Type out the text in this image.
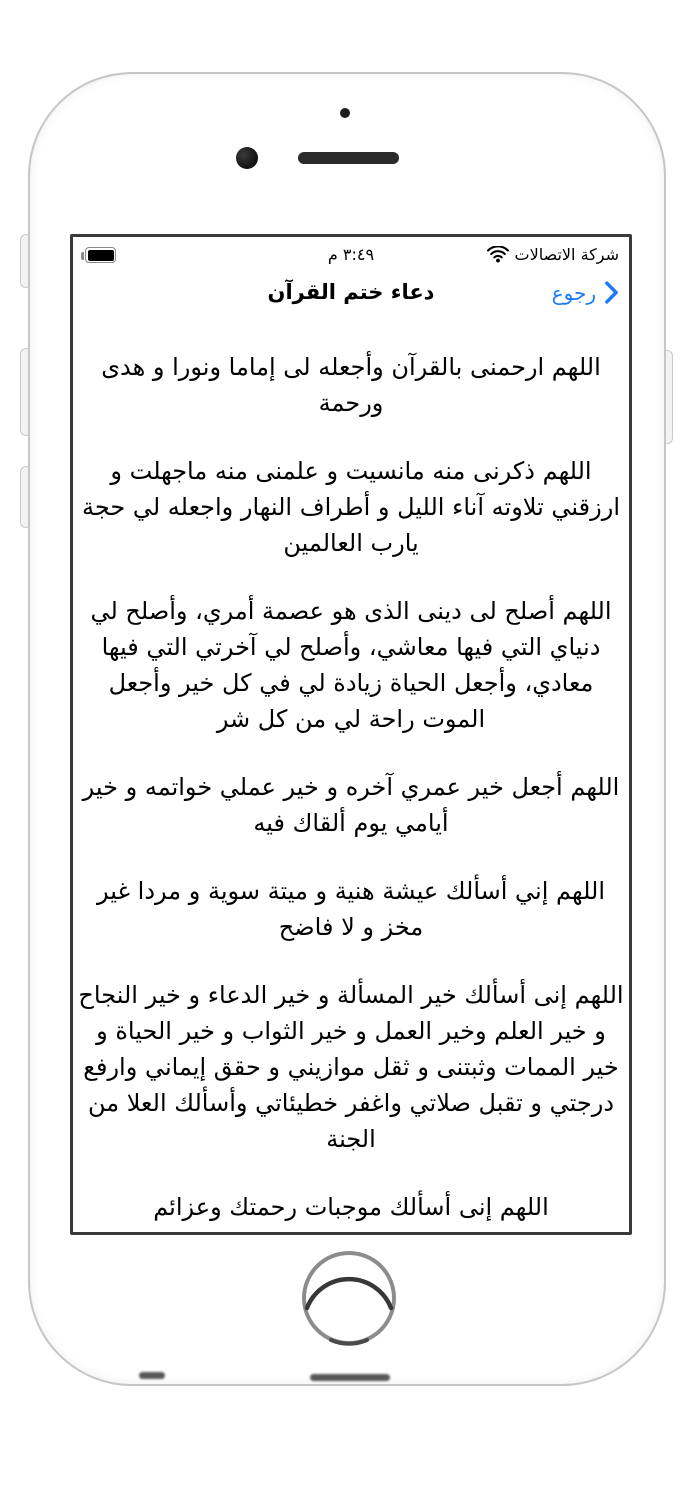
٣:٤٩ م	شركة الاتصالات
دعاء ختم القرآن	رجوع

اللهم ارحمنى بالقرآن وأجعله لى إماما ونورا و هدى ورحمة

اللهم ذكرنى منه مانسيت و علمنى منه ماجهلت و ارزقني تلاوته آناء الليل و أطراف النهار واجعله لي حجة يارب العالمين

اللهم أصلح لى دينى الذى هو عصمة أمري، وأصلح لي دنياي التي فيها معاشي، وأصلح لي آخرتي التي فيها معادي، وأجعل الحياة زيادة لي في كل خير وأجعل الموت راحة لي من كل شر

اللهم أجعل خير عمري آخره و خير عملي خواتمه و خير أيامي يوم ألقاك فيه

اللهم إني أسألك عيشة هنية و ميتة سوية و مردا غير مخز و لا فاضح

اللهم إنى أسألك خير المسألة و خير الدعاء و خير النجاح و خير العلم وخير العمل و خير الثواب و خير الحياة و خير الممات وثبتنى و ثقل موازيني و حقق إيماني وارفع درجتي و تقبل صلاتي واغفر خطيئاتي وأسألك العلا من الجنة

اللهم إنى أسألك موجبات رحمتك وعزائم
